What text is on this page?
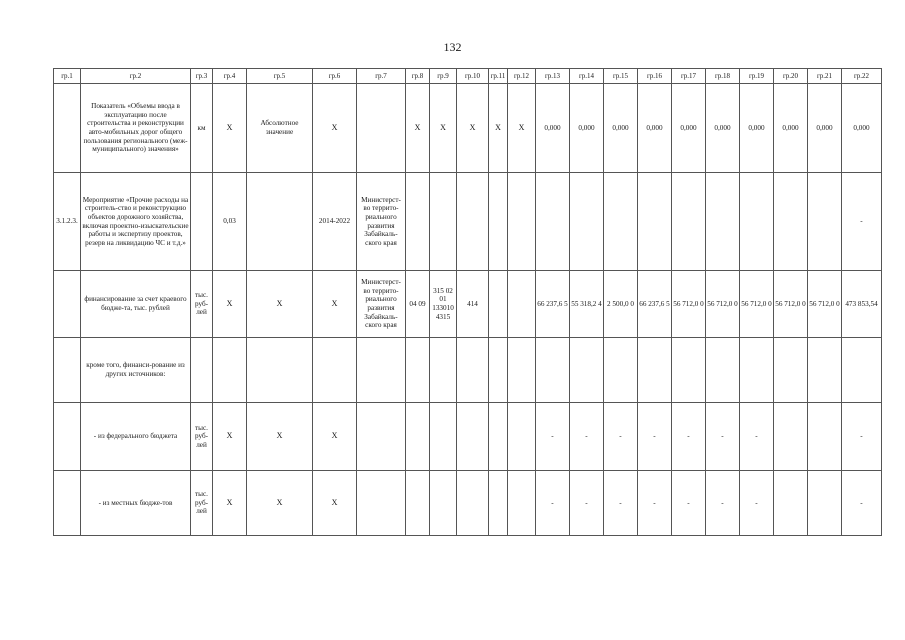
132
гр.1	гр.2	гр.3	гр.4	гр.5	гр.6	гр.7	гр.8	гр.9	гр.10	гр.11	гр.12	гр.13	гр.14	гр.15	гр.16	гр.17	гр.18	гр.19	гр.20	гр.21	гр.22
	Показатель «Объемы ввода в эксплуатацию после строительства и реконструкции авто-мобильных дорог общего пользования регионального (меж-муниципального) значения»	км	X	Абсолютное значение	X		X	X	X	X	X	0,000	0,000	0,000	0,000	0,000	0,000	0,000	0,000	0,000	0,000
3.1.2.3.	Мероприятие «Прочие расходы на строитель-ство и реконструкцию объектов дорожного хозяйства, включая проектно-изыскательские работы и экспертизу проектов, резерв на ликвидацию ЧС и т.д.»		0,03		2014-2022	Министерст-во террито-риального развития Забайкаль-ского края															-
	финансирование за счет краевого бюдже-та, тыс. рублей	тыс. руб-лей	X	X	X	Министерст-во террито-риального развития Забайкаль-ского края	04 09	315 02 01 133010 4315	414			66 237,6 5	55 318,2 4	2 500,0 0	66 237,6 5	56 712,0 0	56 712,0 0	56 712,0 0	56 712,0 0	56 712,0 0	473 853,54
	кроме того, финанси-рование из других источников:																				
	- из федерального бюджета	тыс. руб-лей	X	X	X							-	-	-	-	-	-	-			-
	- из местных бюдже-тов	тыс. руб-лей	X	X	X							-	-	-	-	-	-	-			-
